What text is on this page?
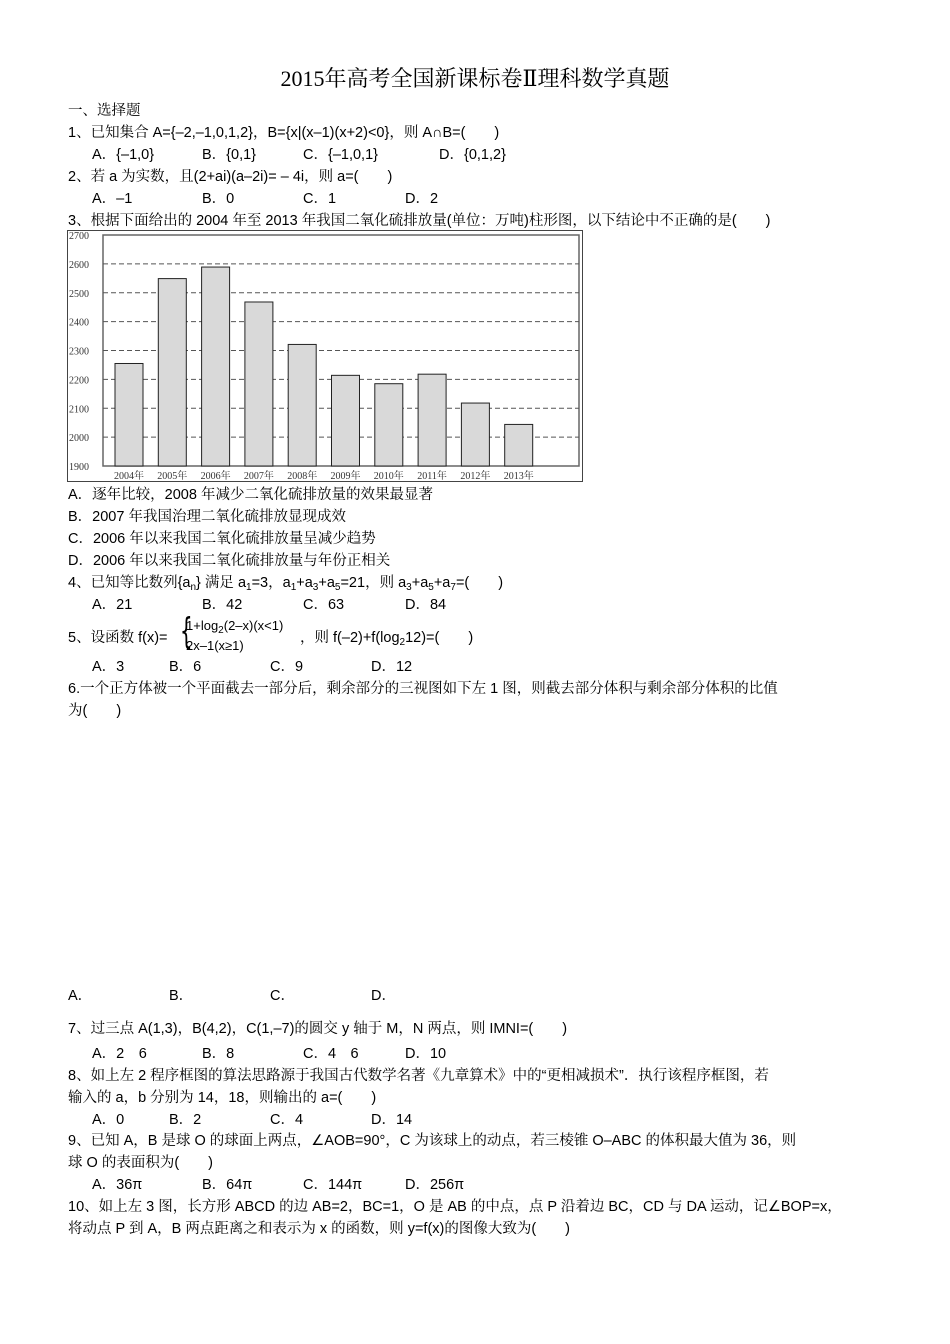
2015年高考全国新课标卷Ⅱ理科数学真题
一、选择题
1、已知集合 A={–2,–1,0,1,2}，B={x|(x–1)(x+2)<0}，则 A∩B=(　　)
A．{–1,0}	B．{0,1}	C．{–1,0,1}	D．{0,1,2}
2、若 a 为实数，且(2+ai)(a–2i)= – 4i，则 a=(　　)
A．–1	B．0	C．1	D．2
3、根据下面给出的 2004 年至 2013 年我国二氧化硫排放量(单位：万吨)柱形图，以下结论中不正确的是(　　)
2700
2600
2500
2400
2300
2200
2100
2000
1900
2004年 2005年 2006年 2007年 2008年 2009年 2010年 2011年 2012年 2013年
A．逐年比较，2008 年减少二氧化硫排放量的效果最显著
B．2007 年我国治理二氧化硫排放显现成效
C．2006 年以来我国二氧化硫排放量呈减少趋势
D．2006 年以来我国二氧化硫排放量与年份正相关
4、已知等比数列$\{a_n\}$ 满足 $a_1=3$，$a_1+a_3+a_5=21$，则 $a_3+a_5+a_7=$(　　)
A．21	B．42	C．63	D．84
5、设函数 f(x)= {
$1+\log_2(2-x)(x<1)$
2x–1(x≥1)	，则 $f(-2)+f(\log_212)=$(　　)
A．3	B．6	C．9	D．12
6.一个正方体被一个平面截去一部分后，剩余部分的三视图如下左 1 图，则截去部分体积与剩余部分体积的比值
为(　　)
A．	B．	C．	D．
7、过三点 A(1,3)，B(4,2)，C(1,–7)的圆交 y 轴于 M，N 两点，则 IMNI=(　　)
A．2　6	B．8	C．4　6	D．10
8、如上左 2 程序框图的算法思路源于我国古代数学名著《九章算术》中的“更相减损术”．执行该程序框图，若
输入的 a，b 分别为 14，18，则输出的 a=(　　)
A．0	B．2	C．4	D．14
9、已知 A，B 是球 O 的球面上两点，∠AOB=90°，C 为该球上的动点，若三棱锥 O–ABC 的体积最大值为 36，则
球 O 的表面积为(　　)
A．36π	B．64π	C．144π	D．256π
10、如上左 3 图，长方形 ABCD 的边 AB=2，BC=1，O 是 AB 的中点，点 P 沿着边 BC，CD 与 DA 运动，记∠BOP=x，
将动点 P 到 A，B 两点距离之和表示为 x 的函数，则 y=f(x)的图像大致为(　　)
